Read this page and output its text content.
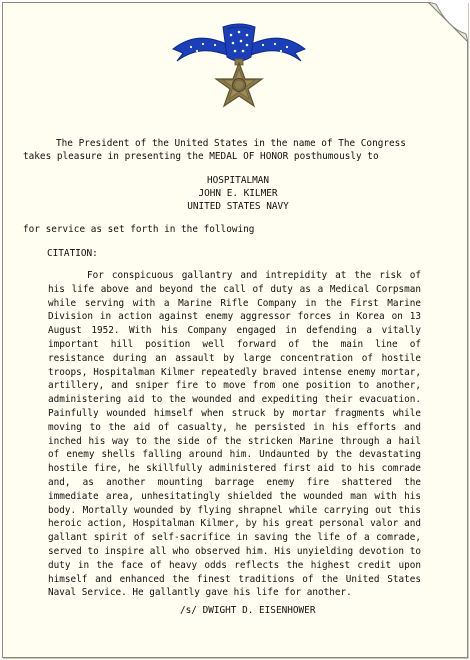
The President of the United States in the name of The Congress
takes pleasure in presenting the MEDAL OF HONOR posthumously to
HOSPITALMAN
JOHN E. KILMER
UNITED STATES NAVY
for service as set forth in the following
CITATION:

For conspicuous gallantry and intrepidity at the risk of his life above and beyond the call of duty as a Medical Corpsman while serving with a Marine Rifle Company in the First Marine Division in action against enemy aggressor forces in Korea on 13 August 1952. With his Company engaged in defending a vitally important hill position well forward of the main line of resistance during an assault by large concentration of hostile troops, Hospitalman Kilmer repeatedly braved intense enemy mortar, artillery, and sniper fire to move from one position to another, administering aid to the wounded and expediting their evacuation. Painfully wounded himself when struck by mortar fragments while moving to the aid of casualty, he persisted in his efforts and inched his way to the side of the stricken Marine through a hail of enemy shells falling around him. Undaunted by the devastating hostile fire, he skillfully administered first aid to his comrade and, as another mounting barrage enemy fire shattered the immediate area, unhesitatingly shielded the wounded man with his body. Mortally wounded by flying shrapnel while carrying out this heroic action, Hospitalman Kilmer, by his great personal valor and gallant spirit of self-sacrifice in saving the life of a comrade, served to inspire all who observed him. His unyielding devotion to duty in the face of heavy odds reflects the highest credit upon himself and enhanced the finest traditions of the United States Naval Service. He gallantly gave his life for another.

/s/ DWIGHT D. EISENHOWER
